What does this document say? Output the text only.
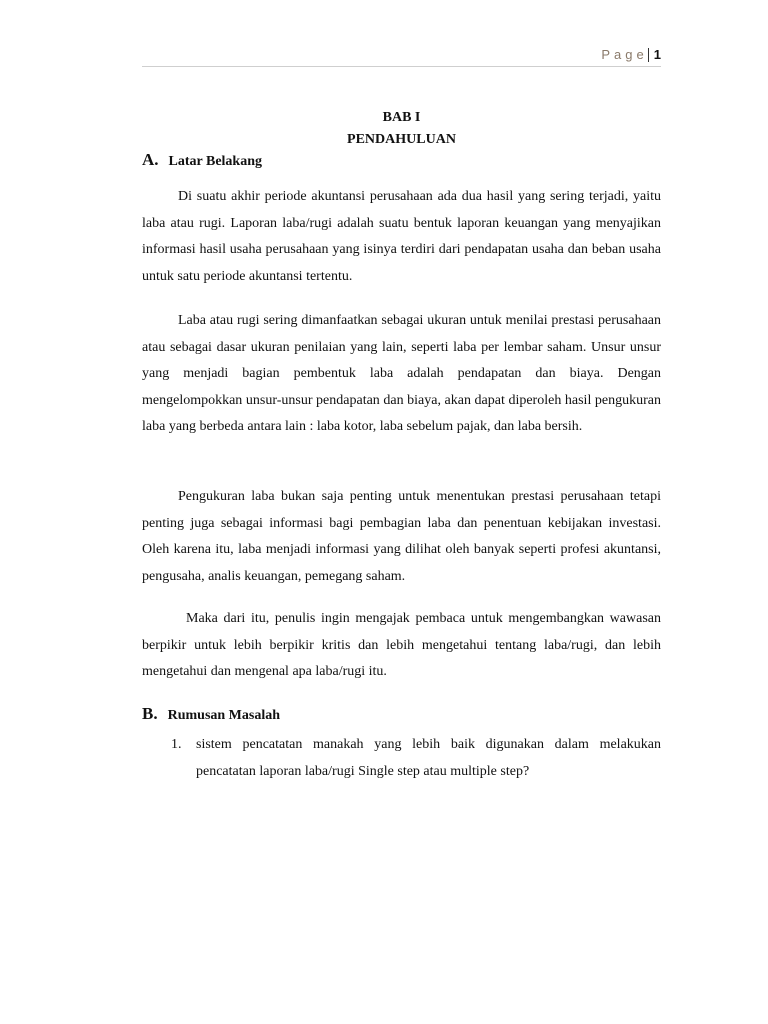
Page 1
BAB I
PENDAHULUAN
A. Latar Belakang

Di suatu akhir periode akuntansi perusahaan ada dua hasil yang sering terjadi, yaitu laba atau rugi. Laporan laba/rugi adalah suatu bentuk laporan keuangan yang menyajikan informasi hasil usaha perusahaan yang isinya terdiri dari pendapatan usaha dan beban usaha untuk satu periode akuntansi tertentu.

Laba atau rugi sering dimanfaatkan sebagai ukuran untuk menilai prestasi perusahaan atau sebagai dasar ukuran penilaian yang lain, seperti laba per lembar saham. Unsur unsur yang menjadi bagian pembentuk laba adalah pendapatan dan biaya. Dengan mengelompokkan unsur-unsur pendapatan dan biaya, akan dapat diperoleh hasil pengukuran laba yang berbeda antara lain : laba kotor, laba sebelum pajak, dan laba bersih.

Pengukuran laba bukan saja penting untuk menentukan prestasi perusahaan tetapi penting juga sebagai informasi bagi pembagian laba dan penentuan kebijakan investasi. Oleh karena itu, laba menjadi informasi yang dilihat oleh banyak seperti profesi akuntansi, pengusaha, analis keuangan, pemegang saham.

Maka dari itu, penulis ingin mengajak pembaca untuk mengembangkan wawasan berpikir untuk lebih berpikir kritis dan lebih mengetahui tentang laba/rugi, dan lebih mengetahui dan mengenal apa laba/rugi itu.

B. Rumusan Masalah
1. sistem pencatatan manakah yang lebih baik digunakan dalam melakukan pencatatan laporan laba/rugi Single step atau multiple step?
